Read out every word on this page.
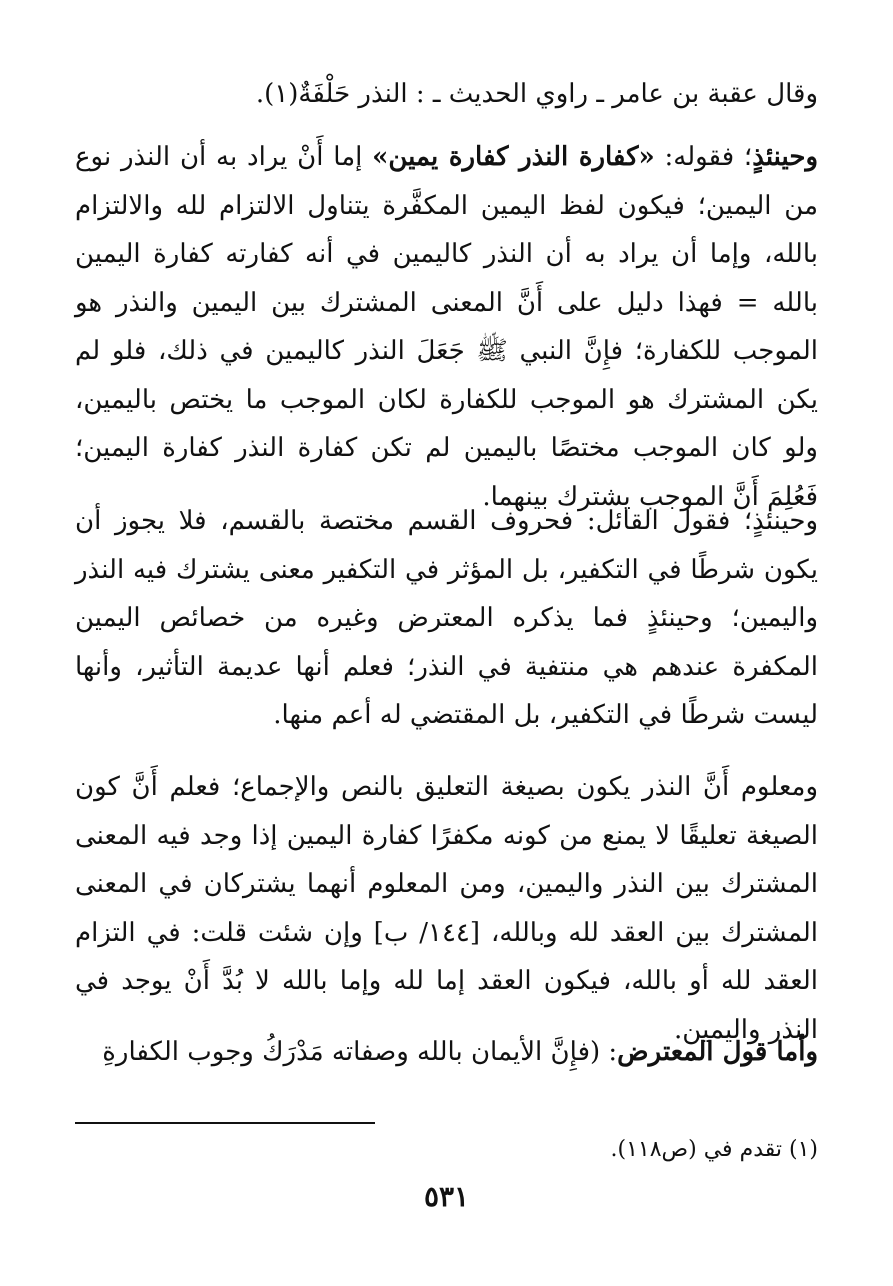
وقال عقبة بن عامر ـ راوي الحديث ـ : النذر حَلْفَةٌ(١).

وحينئذٍ؛ فقوله: «كفارة النذر كفارة يمين» إما أَنْ يراد به أن النذر نوع من اليمين؛ فيكون لفظ اليمين المكفَّرة يتناول الالتزام لله والالتزام بالله، وإما أن يراد به أن النذر كاليمين في أنه كفارته كفارة اليمين بالله = فهذا دليل على أَنَّ المعنى المشترك بين اليمين والنذر هو الموجب للكفارة؛ فإِنَّ النبي ﷺ جَعَلَ النذر كاليمين في ذلك، فلو لم يكن المشترك هو الموجب للكفارة لكان الموجب ما يختص باليمين، ولو كان الموجب مختصًا باليمين لم تكن كفارة النذر كفارة اليمين؛ فَعُلِمَ أَنَّ الموجب يشترك بينهما.

وحينئذٍ؛ فقول القائل: فحروف القسم مختصة بالقسم، فلا يجوز أن يكون شرطًا في التكفير، بل المؤثر في التكفير معنى يشترك فيه النذر واليمين؛ وحينئذٍ فما يذكره المعترض وغيره من خصائص اليمين المكفرة عندهم هي منتفية في النذر؛ فعلم أنها عديمة التأثير، وأنها ليست شرطًا في التكفير، بل المقتضي له أعم منها.

ومعلوم أَنَّ النذر يكون بصيغة التعليق بالنص والإجماع؛ فعلم أَنَّ كون الصيغة تعليقًا لا يمنع من كونه مكفرًا كفارة اليمين إذا وجد فيه المعنى المشترك بين النذر واليمين، ومن المعلوم أنهما يشتركان في المعنى المشترك بين العقد لله وبالله، [١٤٤/ ب] وإن شئت قلت: في التزام العقد لله أو بالله، فيكون العقد إما لله وإما بالله لا بُدَّ أَنْ يوجد في النذر واليمين.

وأما قول المعترض: (فإِنَّ الأيمان بالله وصفاته مَدْرَكُ وجوب الكفارةِ

(١) تقدم في (ص١١٨).

٥٣١
